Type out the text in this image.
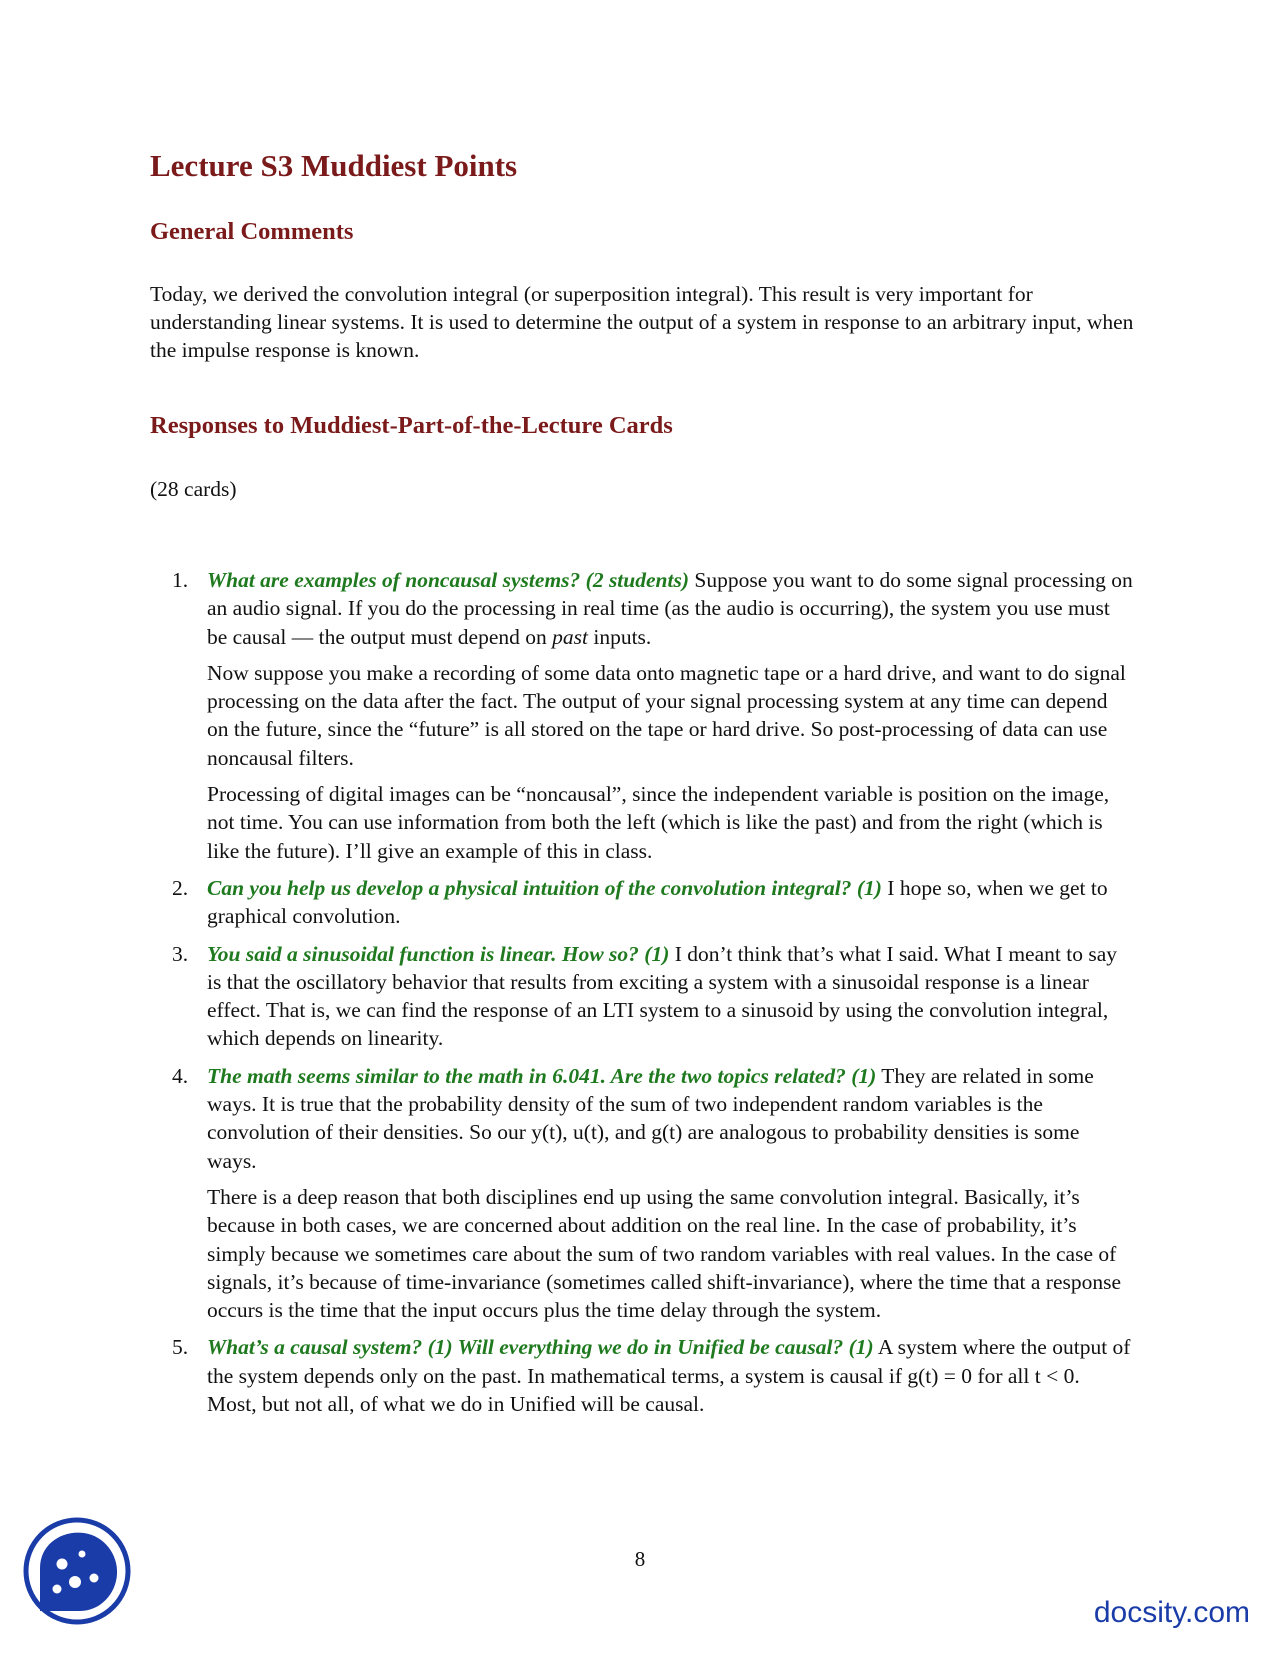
Lecture S3 Muddiest Points
General Comments

Today, we derived the convolution integral (or superposition integral). This result is very important for understanding linear systems. It is used to determine the output of a system in response to an arbitrary input, when the impulse response is known.

Responses to Muddiest-Part-of-the-Lecture Cards

(28 cards)

1. What are examples of noncausal systems? (2 students) Suppose you want to do some signal processing on an audio signal. If you do the processing in real time (as the audio is occurring), the system you use must be causal — the output must depend on past inputs.

Now suppose you make a recording of some data onto magnetic tape or a hard drive, and want to do signal processing on the data after the fact. The output of your signal processing system at any time can depend on the future, since the “future” is all stored on the tape or hard drive. So post-processing of data can use noncausal filters.

Processing of digital images can be “noncausal”, since the independent variable is position on the image, not time. You can use information from both the left (which is like the past) and from the right (which is like the future). I’ll give an example of this in class.

2. Can you help us develop a physical intuition of the convolution integral? (1) I hope so, when we get to graphical convolution.

3. You said a sinusoidal function is linear. How so? (1) I don’t think that’s what I said. What I meant to say is that the oscillatory behavior that results from exciting a system with a sinusoidal response is a linear effect. That is, we can find the response of an LTI system to a sinusoid by using the convolution integral, which depends on linearity.

4. The math seems similar to the math in 6.041. Are the two topics related? (1) They are related in some ways. It is true that the probability density of the sum of two independent random variables is the convolution of their densities. So our y(t), u(t), and g(t) are analogous to probability densities is some ways.

There is a deep reason that both disciplines end up using the same convolution integral. Basically, it’s because in both cases, we are concerned about addition on the real line. In the case of probability, it’s simply because we sometimes care about the sum of two random variables with real values. In the case of signals, it’s because of time-invariance (sometimes called shift-invariance), where the time that a response occurs is the time that the input occurs plus the time delay through the system.

5. What’s a causal system? (1) Will everything we do in Unified be causal? (1) A system where the output of the system depends only on the past. In mathematical terms, a system is causal if g(t) = 0 for all t < 0. Most, but not all, of what we do in Unified will be causal.

8
docsity.com
